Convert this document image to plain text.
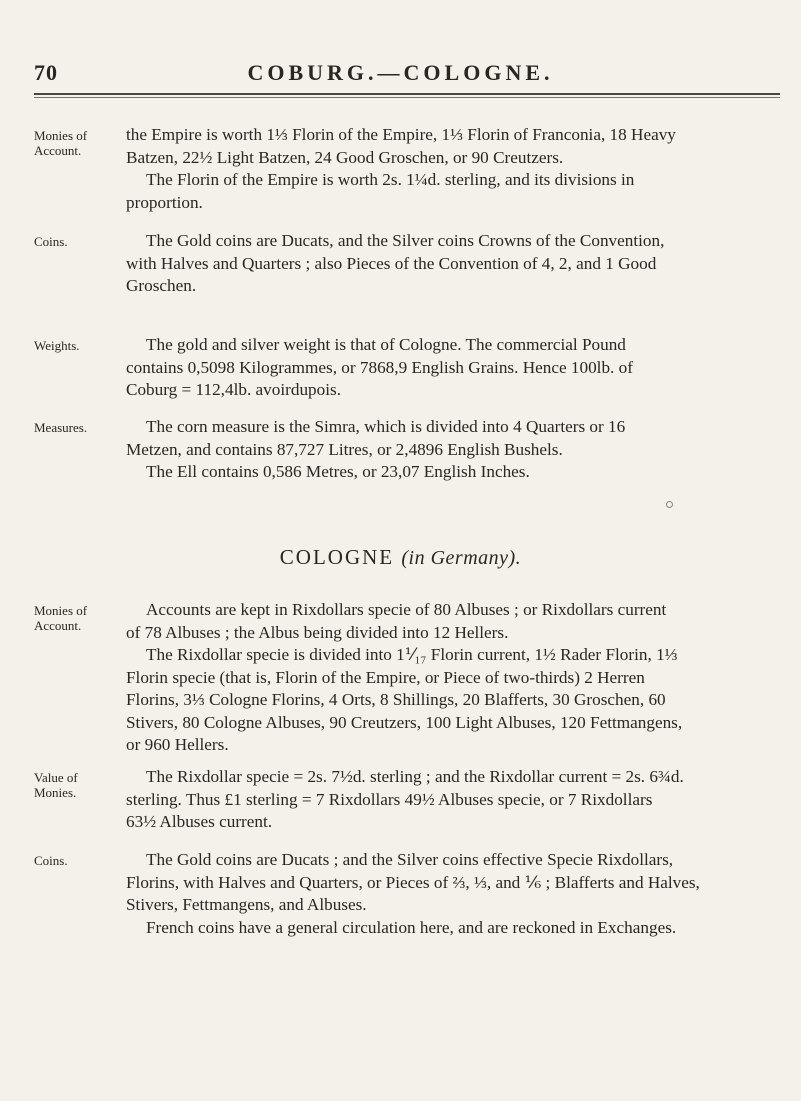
70	COBURG.—COLOGNE.
Monies of Account.
the Empire is worth 1⅓ Florin of the Empire, 1⅓ Florin of Franconia, 18 Heavy
Batzen, 22½ Light Batzen, 24 Good Groschen, or 90 Creutzers.
The Florin of the Empire is worth 2s. 1¼d. sterling, and its divisions in
proportion.
Coins.	The Gold coins are Ducats, and the Silver coins Crowns of the Convention,
with Halves and Quarters ; also Pieces of the Convention of 4, 2, and 1 Good
Groschen.
Weights.	The gold and silver weight is that of Cologne. The commercial Pound
contains 0,5098 Kilogrammes, or 7868,9 English Grains. Hence 100lb. of
Coburg = 112,4lb. avoirdupois.
Measures.	The corn measure is the Simra, which is divided into 4 Quarters or 16
Metzen, and contains 87,727 Litres, or 2,4896 English Bushels.
The Ell contains 0,586 Metres, or 23,07 English Inches.
COLOGNE (in Germany).
Monies of Account.
Accounts are kept in Rixdollars specie of 80 Albuses ; or Rixdollars current
of 78 Albuses ; the Albus being divided into 12 Hellers.
The Rixdollar specie is divided into 1⅟₁₇ Florin current, 1½ Rader Florin, 1⅓
Florin specie (that is, Florin of the Empire, or Piece of two-thirds) 2 Herren
Florins, 3⅓ Cologne Florins, 4 Orts, 8 Shillings, 20 Blafferts, 30 Groschen, 60
Stivers, 80 Cologne Albuses, 90 Creutzers, 100 Light Albuses, 120 Fettmangens,
or 960 Hellers.
Value of Monies.
The Rixdollar specie = 2s. 7½d. sterling ; and the Rixdollar current = 2s. 6¾d.
sterling. Thus £1 sterling = 7 Rixdollars 49½ Albuses specie, or 7 Rixdollars
63½ Albuses current.
Coins.	The Gold coins are Ducats ; and the Silver coins effective Specie Rixdollars,
Florins, with Halves and Quarters, or Pieces of ⅔, ⅓, and ⅙ ; Blafferts and Halves,
Stivers, Fettmangens, and Albuses.
French coins have a general circulation here, and are reckoned in Exchanges.
